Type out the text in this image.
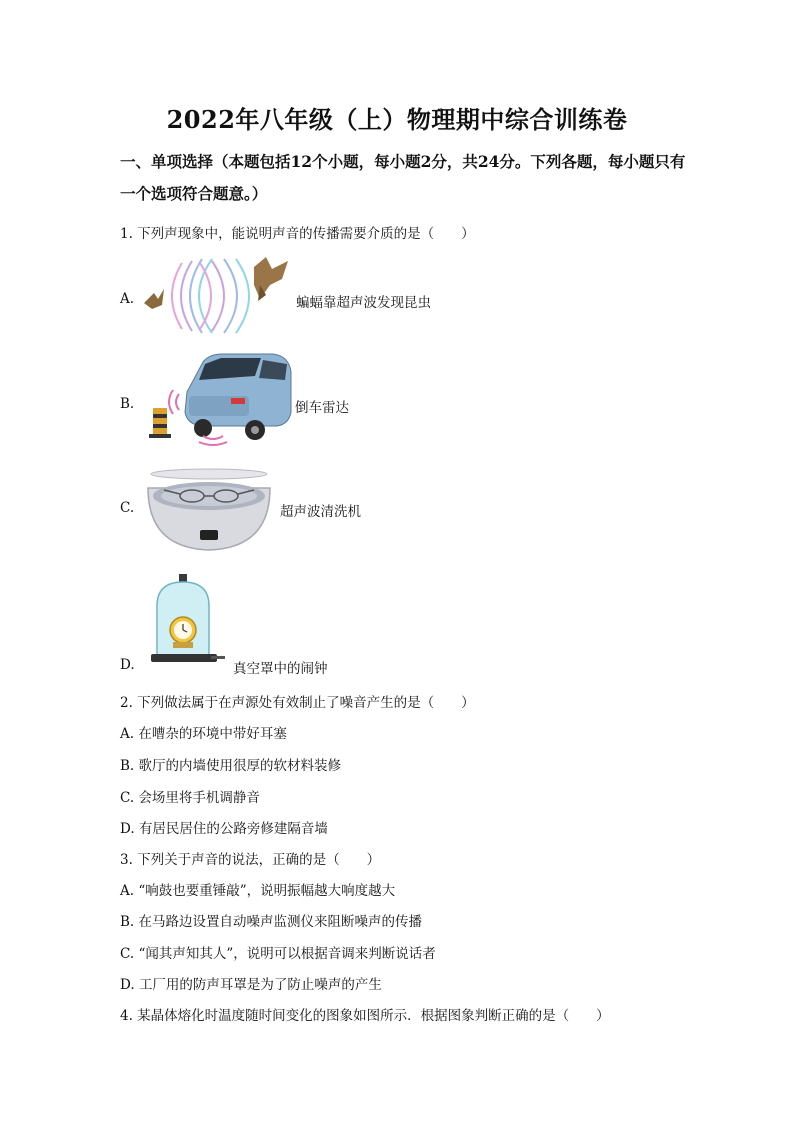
2022年八年级（上）物理期中综合训练卷
一、单项选择（本题包括12个小题，每小题2分，共24分。下列各题，每小题只有一个选项符合题意。）
1. 下列声现象中，能说明声音的传播需要介质的是（　　）
A.	蝙蝠靠超声波发现昆虫
B.	倒车雷达
C.	超声波清洗机
D.	真空罩中的闹钟
2. 下列做法属于在声源处有效制止了噪音产生的是（　　）
A. 在嘈杂的环境中带好耳塞
B. 歌厅的内墙使用很厚的软材料装修
C. 会场里将手机调静音
D. 有居民居住的公路旁修建隔音墙
3. 下列关于声音的说法，正确的是（　　）
A. “响鼓也要重锤敲”，说明振幅越大响度越大
B. 在马路边设置自动噪声监测仪来阻断噪声的传播
C. “闻其声知其人”，说明可以根据音调来判断说话者
D. 工厂用的防声耳罩是为了防止噪声的产生
4. 某晶体熔化时温度随时间变化的图象如图所示．根据图象判断正确的是（　　）
